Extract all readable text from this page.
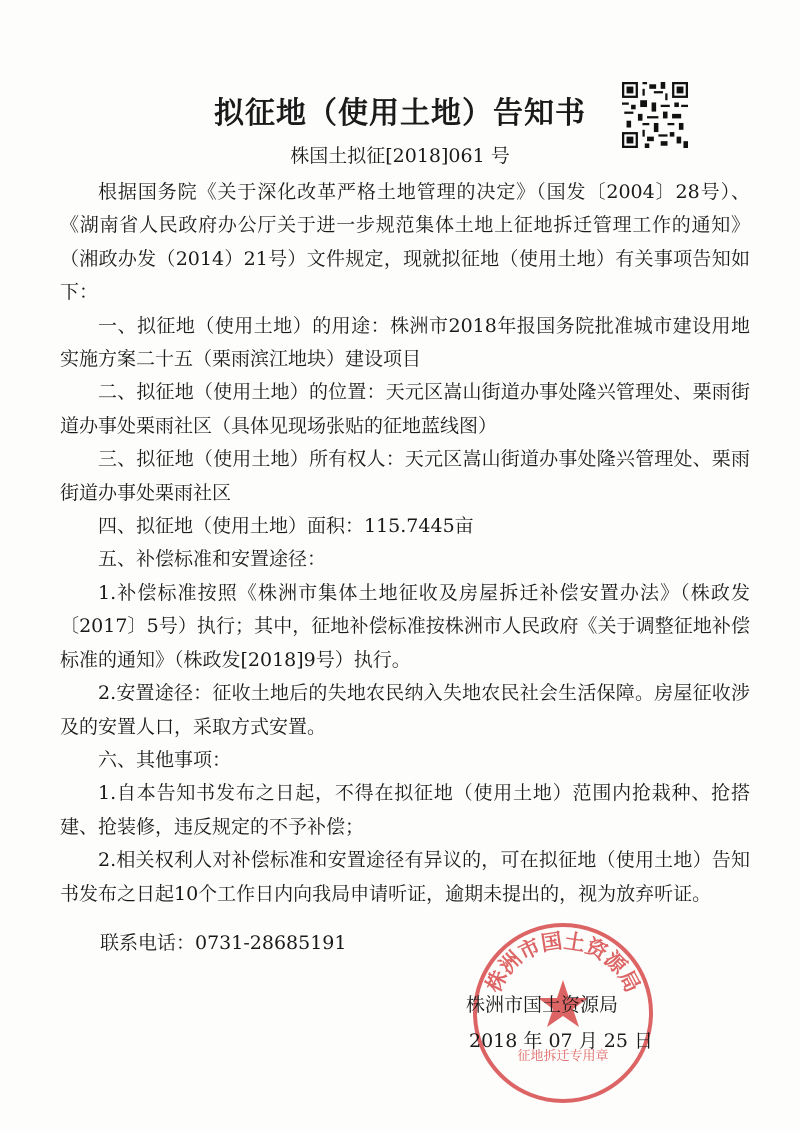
拟征地（使用土地）告知书
株国土拟征[2018]061 号

根据国务院《关于深化改革严格土地管理的决定》（国发〔2004〕28号）、《湖南省人民政府办公厅关于进一步规范集体土地上征地拆迁管理工作的通知》（湘政办发（2014）21号）文件规定，现就拟征地（使用土地）有关事项告知如下：

一、拟征地（使用土地）的用途：株洲市2018年报国务院批准城市建设用地实施方案二十五（栗雨滨江地块）建设项目

二、拟征地（使用土地）的位置：天元区嵩山街道办事处隆兴管理处、栗雨街道办事处栗雨社区（具体见现场张贴的征地蓝线图）

三、拟征地（使用土地）所有权人：天元区嵩山街道办事处隆兴管理处、栗雨街道办事处栗雨社区

四、拟征地（使用土地）面积：115.7445亩

五、补偿标准和安置途径：

1.补偿标准按照《株洲市集体土地征收及房屋拆迁补偿安置办法》（株政发〔2017〕5号）执行；其中，征地补偿标准按株洲市人民政府《关于调整征地补偿标准的通知》（株政发[2018]9号）执行。

2.安置途径：征收土地后的失地农民纳入失地农民社会生活保障。房屋征收涉及的安置人口，采取方式安置。

六、其他事项：

1.自本告知书发布之日起，不得在拟征地（使用土地）范围内抢栽种、抢搭建、抢装修，违反规定的不予补偿；

2.相关权利人对补偿标准和安置途径有异议的，可在拟征地（使用土地）告知书发布之日起10个工作日内向我局申请听证，逾期未提出的，视为放弃听证。

联系电话：0731-28685191
株洲市国土资源局
征地拆迁专用章
株洲市国土资源局
2018 年 07 月 25 日
